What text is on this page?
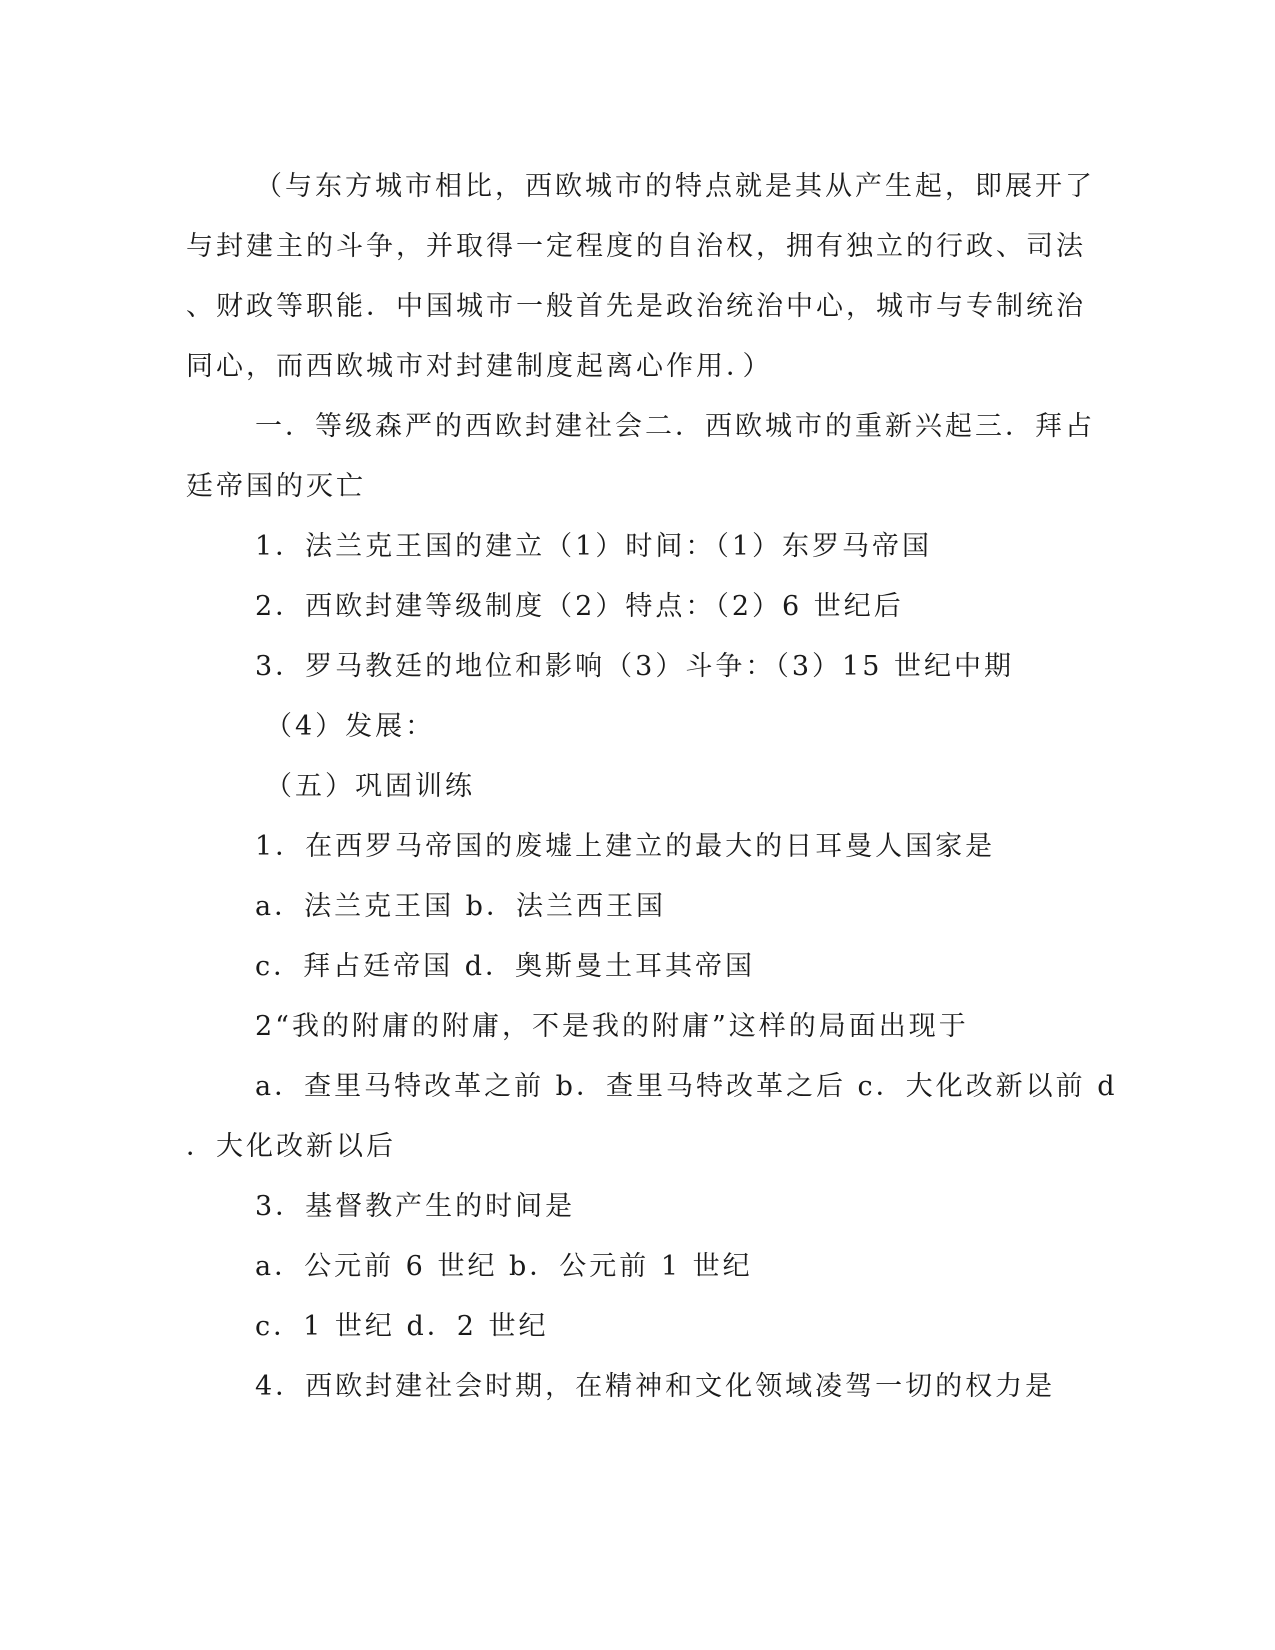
（与东方城市相比，西欧城市的特点就是其从产生起，即展开了
与封建主的斗争，并取得一定程度的自治权，拥有独立的行政、司法
、财政等职能．中国城市一般首先是政治统治中心，城市与专制统治
同心，而西欧城市对封建制度起离心作用．）
一．等级森严的西欧封建社会二．西欧城市的重新兴起三．拜占
廷帝国的灭亡
1．法兰克王国的建立（1）时间：（1）东罗马帝国
2．西欧封建等级制度（2）特点：（2）6 世纪后
3．罗马教廷的地位和影响（3）斗争：（3）15 世纪中期
（4）发展：
（五）巩固训练
1．在西罗马帝国的废墟上建立的最大的日耳曼人国家是
a．法兰克王国 b．法兰西王国
c．拜占廷帝国 d．奥斯曼土耳其帝国
2“我的附庸的附庸，不是我的附庸”这样的局面出现于
a．查里马特改革之前 b．查里马特改革之后 c．大化改新以前 d
．大化改新以后
3．基督教产生的时间是
a．公元前 6 世纪 b．公元前 1 世纪
c．1 世纪 d．2 世纪
4．西欧封建社会时期，在精神和文化领域凌驾一切的权力是
